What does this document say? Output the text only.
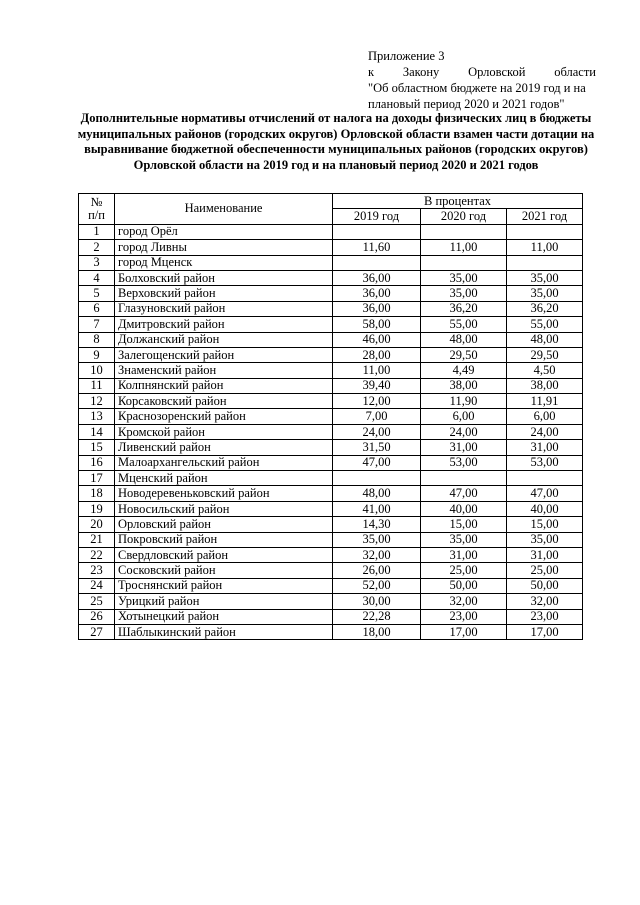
Приложение 3
к Закону Орловской области
"Об областном бюджете на 2019 год и на
плановый период 2020 и 2021 годов"
Дополнительные нормативы отчислений от налога на доходы физических лиц в бюджеты муниципальных районов (городских округов) Орловской области взамен части дотации на выравнивание бюджетной обеспеченности муниципальных районов (городских округов) Орловской области на 2019 год и на плановый период 2020 и 2021 годов
№
п/п	Наименование	В процентах		
		2019 год	2020 год	2021 год
1	город Орёл			
2	город Ливны	11,60	11,00	11,00
3	город Мценск			
4	Болховский район	36,00	35,00	35,00
5	Верховский район	36,00	35,00	35,00
6	Глазуновский район	36,00	36,20	36,20
7	Дмитровский район	58,00	55,00	55,00
8	Должанский район	46,00	48,00	48,00
9	Залегощенский район	28,00	29,50	29,50
10	Знаменский район	11,00	4,49	4,50
11	Колпнянский район	39,40	38,00	38,00
12	Корсаковский район	12,00	11,90	11,91
13	Краснозоренский район	7,00	6,00	6,00
14	Кромской район	24,00	24,00	24,00
15	Ливенский район	31,50	31,00	31,00
16	Малоархангельский район	47,00	53,00	53,00
17	Мценский район			
18	Новодеревеньковский район	48,00	47,00	47,00
19	Новосильский район	41,00	40,00	40,00
20	Орловский район	14,30	15,00	15,00
21	Покровский район	35,00	35,00	35,00
22	Свердловский район	32,00	31,00	31,00
23	Сосковский район	26,00	25,00	25,00
24	Троснянский район	52,00	50,00	50,00
25	Урицкий район	30,00	32,00	32,00
26	Хотынецкий район	22,28	23,00	23,00
27	Шаблыкинский район	18,00	17,00	17,00
